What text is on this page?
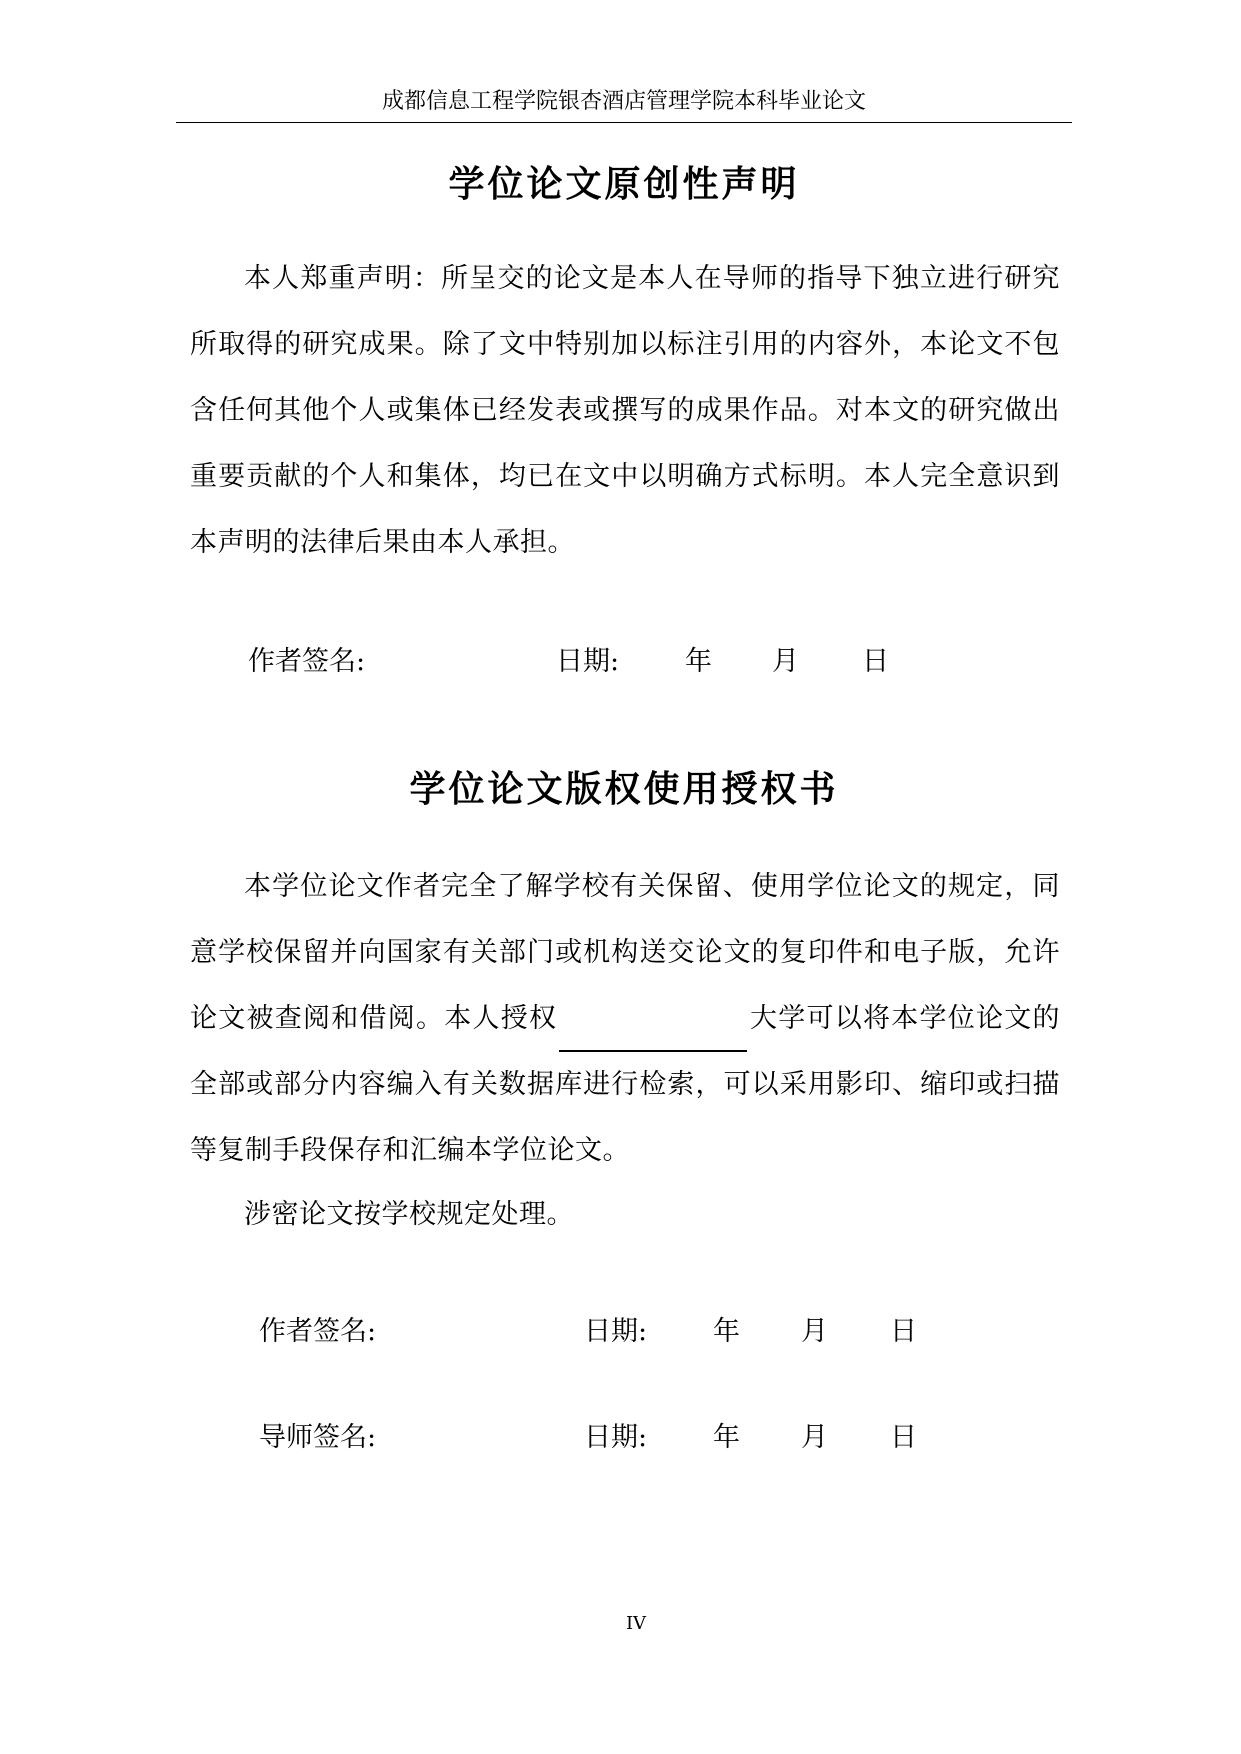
成都信息工程学院银杏酒店管理学院本科毕业论文
学位论文原创性声明

本人郑重声明：所呈交的论文是本人在导师的指导下独立进行研究所取得的研究成果。除了文中特别加以标注引用的内容外，本论文不包含任何其他个人或集体已经发表或撰写的成果作品。对本文的研究做出重要贡献的个人和集体，均已在文中以明确方式标明。本人完全意识到本声明的法律后果由本人承担。

作者签名:	日期: 年 月 日
学位论文版权使用授权书

本学位论文作者完全了解学校有关保留、使用学位论文的规定，同意学校保留并向国家有关部门或机构送交论文的复印件和电子版，允许论文被查阅和借阅。本人授权	大学可以将本学位论文的全部或部分内容编入有关数据库进行检索，可以采用影印、缩印或扫描等复制手段保存和汇编本学位论文。

涉密论文按学校规定处理。

作者签名:	日期: 年 月 日
导师签名:	日期: 年 月 日
IV
